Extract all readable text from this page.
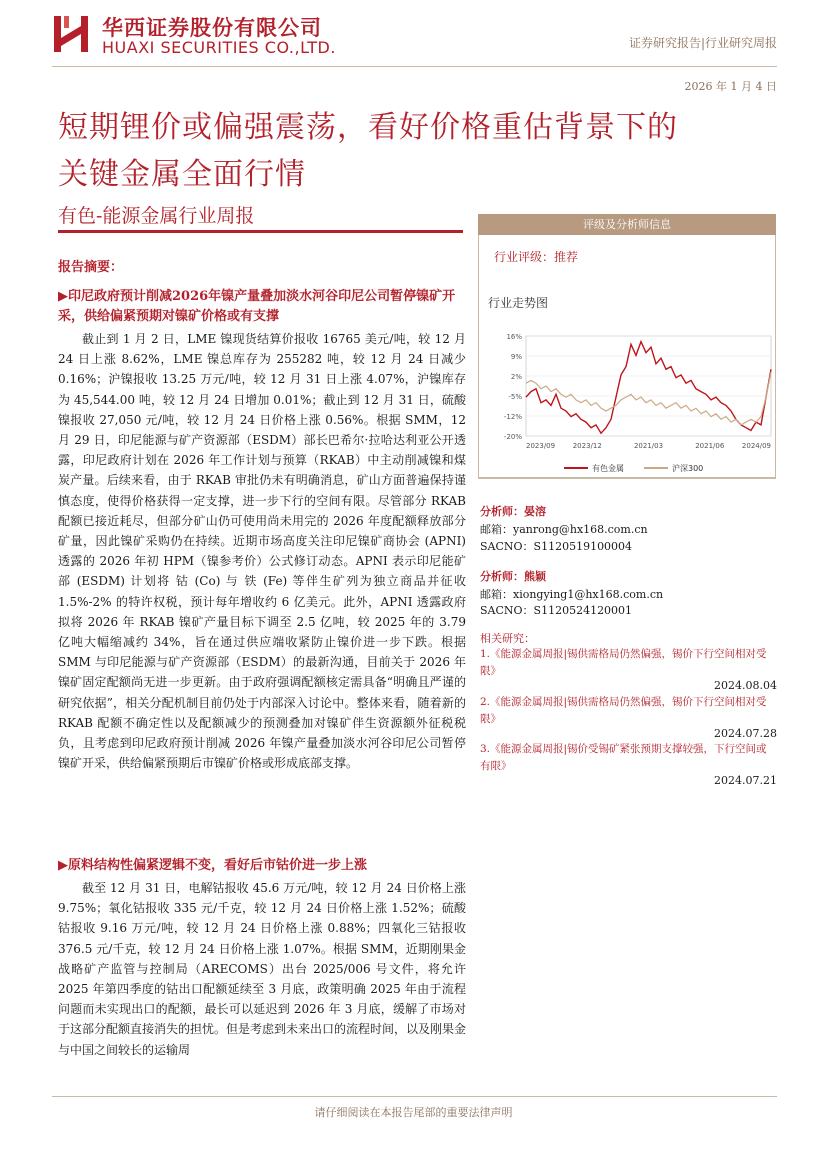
华西证券股份有限公司
HUAXI SECURITIES CO.,LTD.	证券研究报告|行业研究周报
2026 年 1 月 4 日
短期锂价或偏强震荡，看好价格重估背景下的
关键金属全面行情
有色-能源金属行业周报
报告摘要：
▶印尼政府预计削减2026年镍产量叠加淡水河谷印尼公司暂停镍矿开采，供给偏紧预期对镍矿价格或有支撑
截止到 1 月 2 日，LME 镍现货结算价报收 16765 美元/吨，较 12 月 24 日上涨 8.62%，LME 镍总库存为 255282 吨，较 12 月 24 日减少 0.16%；沪镍报收 13.25 万元/吨，较 12 月 31 日上涨 4.07%，沪镍库存为 45,544.00 吨，较 12 月 24 日增加 0.01%；截止到 12 月 31 日，硫酸镍报收 27,050 元/吨，较 12 月 24 日价格上涨 0.56%。根据 SMM，12 月 29 日，印尼能源与矿产资源部（ESDM）部长巴希尔·拉哈达利亚公开透露，印尼政府计划在 2026 年工作计划与预算（RKAB）中主动削减镍和煤炭产量。后续来看，由于 RKAB 审批仍未有明确消息，矿山方面普遍保持谨慎态度，使得价格获得一定支撑，进一步下行的空间有限。尽管部分 RKAB 配额已接近耗尽，但部分矿山仍可使用尚未用完的 2026 年度配额释放部分矿量，因此镍矿采购仍在持续。近期市场高度关注印尼镍矿商协会 (APNI) 透露的 2026 年初 HPM（镍参考价）公式修订动态。APNI 表示印尼能矿部 (ESDM) 计划将 钴 (Co) 与 铁 (Fe) 等伴生矿列为独立商品并征收 1.5%-2% 的特许权税，预计每年增收约 6 亿美元。此外，APNI 透露政府拟将 2026 年 RKAB 镍矿产量目标下调至 2.5 亿吨，较 2025 年的 3.79 亿吨大幅缩减约 34%，旨在通过供应端收紧防止镍价进一步下跌。根据 SMM 与印尼能源与矿产资源部（ESDM）的最新沟通，目前关于 2026 年镍矿固定配额尚无进一步更新。由于政府强调配额核定需具备“明确且严谨的研究依据”，相关分配机制目前仍处于内部深入讨论中。整体来看，随着新的 RKAB 配额不确定性以及配额减少的预测叠加对镍矿伴生资源额外征税税负，且考虑到印尼政府预计削减 2026 年镍产量叠加淡水河谷印尼公司暂停镍矿开采，供给偏紧预期后市镍矿价格或形成底部支撑。
▶原料结构性偏紧逻辑不变，看好后市钴价进一步上涨
截至 12 月 31 日，电解钴报收 45.6 万元/吨，较 12 月 24 日价格上涨 9.75%；氧化钴报收 335 元/千克，较 12 月 24 日价格上涨 1.52%；硫酸钴报收 9.16 万元/吨，较 12 月 24 日价格上涨 0.88%；四氧化三钴报收 376.5 元/千克，较 12 月 24 日价格上涨 1.07%。根据 SMM，近期刚果金战略矿产监管与控制局（ARECOMS）出台 2025/006 号文件，将允许 2025 年第四季度的钴出口配额延续至 3 月底，政策明确 2025 年由于流程问题而未实现出口的配额，最长可以延迟到 2026 年 3 月底，缓解了市场对于这部分配额直接消失的担忧。但是考虑到未来出口的流程时间，以及刚果金与中国之间较长的运输周
评级及分析师信息
行业评级：推荐
行业走势图
16%
9%
2%
-5%
-12%
-20%
2023/09	2023/12	2021/03	2021/06	2024/09
有色金属	沪深300
分析师：晏溶
邮箱：yanrong@hx168.com.cn
SACNO：S1120519100004
分析师：熊颖
邮箱：xiongying1@hx168.com.cn
SACNO：S1120524120001
相关研究：
1.《能源金属周报|锡供需格局仍然偏强，锡价下行空间相对受限》
2024.08.04
2.《能源金属周报|锡供需格局仍然偏强，锡价下行空间相对受限》
2024.07.28
3.《能源金属周报|锡价受锡矿紧张预期支撑较强，下行空间或有限》
2024.07.21
请仔细阅读在本报告尾部的重要法律声明
